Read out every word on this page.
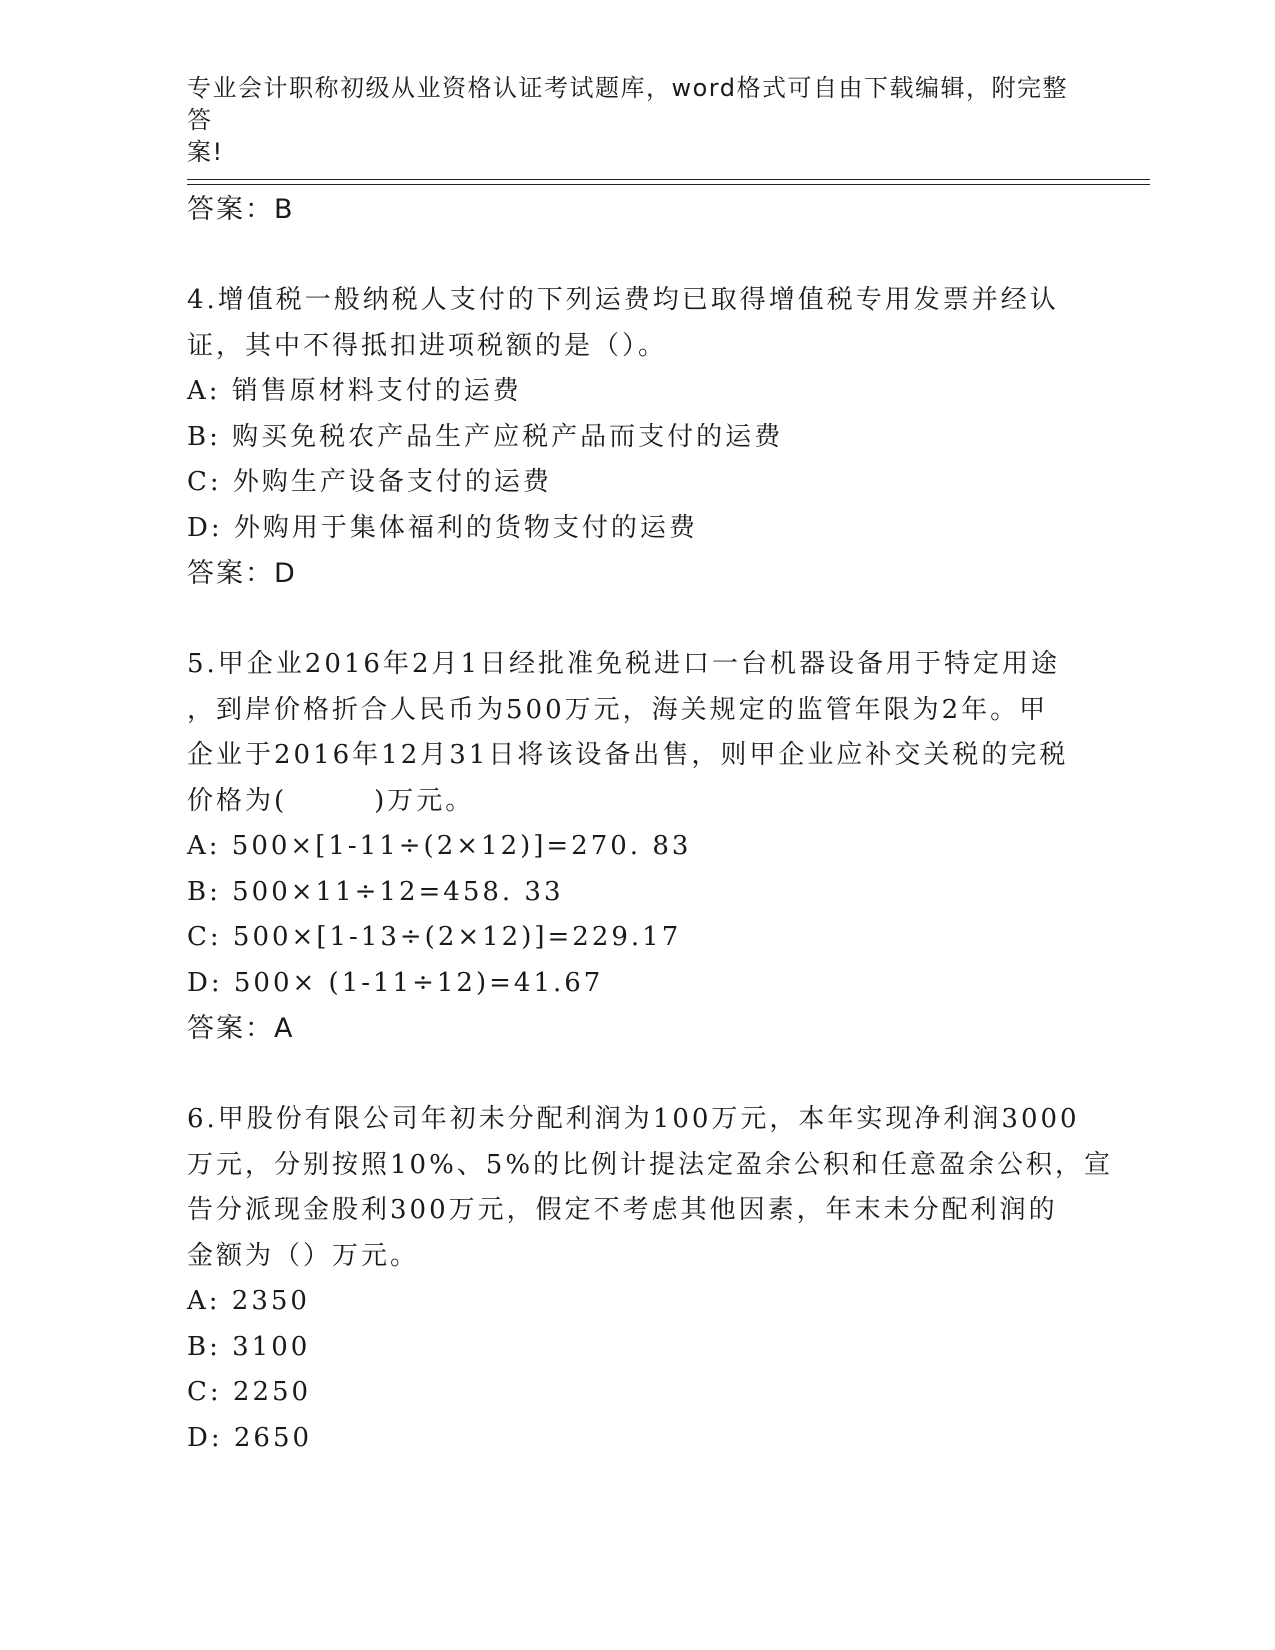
专业会计职称初级从业资格认证考试题库，word格式可自由下载编辑，附完整答
案!
答案：B
4.增值税一般纳税人支付的下列运费均已取得增值税专用发票并经认
证，其中不得抵扣进项税额的是（）。
A: 销售原材料支付的运费
B: 购买免税农产品生产应税产品而支付的运费
C: 外购生产设备支付的运费
D: 外购用于集体福利的货物支付的运费
答案：D
5.甲企业2016年2月1日经批准免税进口一台机器设备用于特定用途
，到岸价格折合人民币为500万元，海关规定的监管年限为2年。甲
企业于2016年12月31日将该设备出售，则甲企业应补交关税的完税
价格为(　　　)万元。
A: 500×[1-11÷(2×12)]=270. 83
B: 500×11÷12=458. 33
C: 500×[1-13÷(2×12)]=229.17
D: 500× (1-11÷12)=41.67
答案：A
6.甲股份有限公司年初未分配利润为100万元，本年实现净利润3000
万元，分别按照10%、5%的比例计提法定盈余公积和任意盈余公积，宣
告分派现金股利300万元，假定不考虑其他因素，年末未分配利润的
金额为（）万元。
A: 2350
B: 3100
C: 2250
D: 2650
